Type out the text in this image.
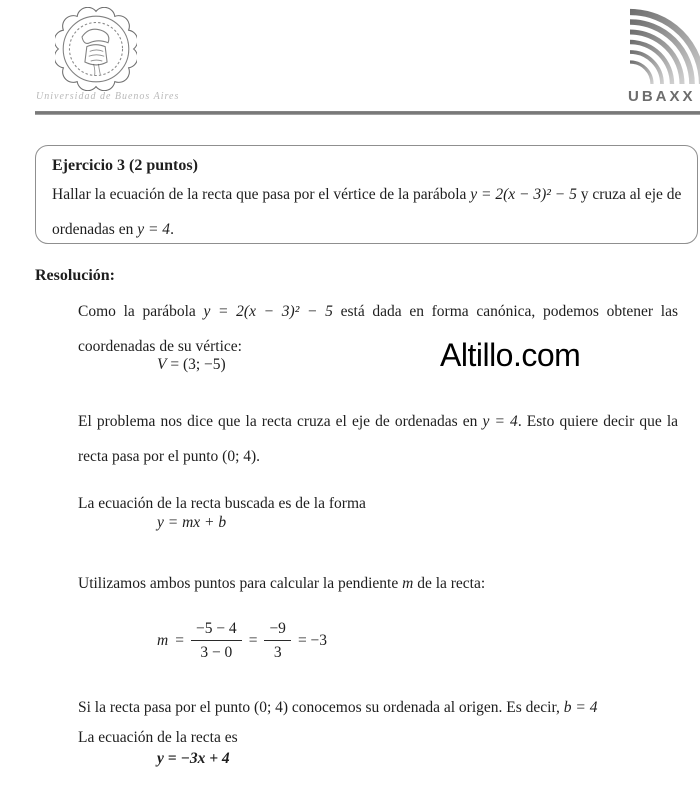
Universidad de Buenos Aires	UBAXX
Ejercicio 3 (2 puntos)
Hallar la ecuación de la recta que pasa por el vértice de la parábola y = 2(x − 3)² − 5 y cruza al eje de ordenadas en y = 4.
Resolución:

Como la parábola y = 2(x − 3)² − 5 está dada en forma canónica, podemos obtener las coordenadas de su vértice:

V = (3; −5)

El problema nos dice que la recta cruza el eje de ordenadas en y = 4. Esto quiere decir que la recta pasa por el punto (0; 4).

La ecuación de la recta buscada es de la forma

y = mx + b

Utilizamos ambos puntos para calcular la pendiente m de la recta:

$m = \frac{-5 - 4}{3 - 0} = \frac{-9}{3} = -3$

Si la recta pasa por el punto (0; 4) conocemos su ordenada al origen. Es decir, b = 4

La ecuación de la recta es

y = −3x + 4
Altillo.com
